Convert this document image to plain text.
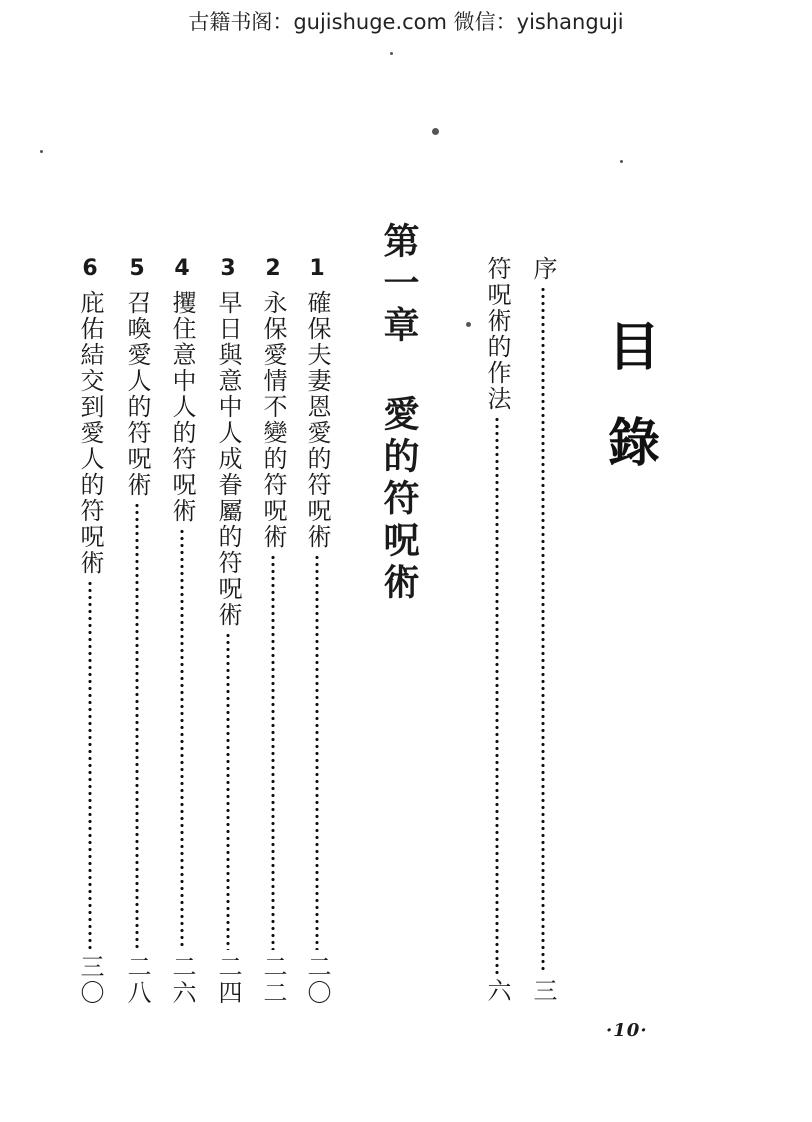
古籍书阁：gujishuge.com 微信：yishanguji
目
錄
序
三
符呪術的作法
六
第一章 愛的符呪術
1
確保夫妻恩愛的符呪術
二〇
2
永保愛情不變的符呪術
二二
3
早日與意中人成眷屬的符呪術
二四
4
攫住意中人的符呪術
二六
5
召喚愛人的符呪術
二八
6
庇佑結交到愛人的符呪術
三〇
·10·
